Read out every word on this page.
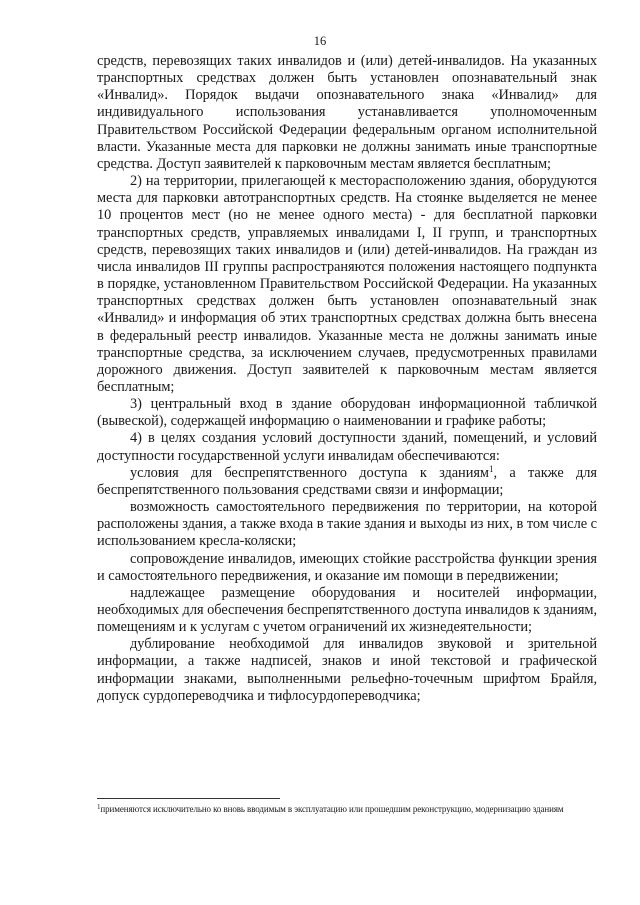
16

средств, перевозящих таких инвалидов и (или) детей-инвалидов. На указанных транспортных средствах должен быть установлен опознавательный знак «Инвалид». Порядок выдачи опознавательного знака «Инвалид» для индивидуального использования устанавливается уполномоченным Правительством Российской Федерации федеральным органом исполнительной власти. Указанные места для парковки не должны занимать иные транспортные средства. Доступ заявителей к парковочным местам является бесплатным;

2) на территории, прилегающей к месторасположению здания, оборудуются места для парковки автотранспортных средств. На стоянке выделяется не менее 10 процентов мест (но не менее одного места) - для бесплатной парковки транспортных средств, управляемых инвалидами I, II групп, и транспортных средств, перевозящих таких инвалидов и (или) детей-инвалидов. На граждан из числа инвалидов III группы распространяются положения настоящего подпункта в порядке, установленном Правительством Российской Федерации. На указанных транспортных средствах должен быть установлен опознавательный знак «Инвалид» и информация об этих транспортных средствах должна быть внесена в федеральный реестр инвалидов. Указанные места не должны занимать иные транспортные средства, за исключением случаев, предусмотренных правилами дорожного движения. Доступ заявителей к парковочным местам является бесплатным;

3) центральный вход в здание оборудован информационной табличкой (вывеской), содержащей информацию о наименовании и графике работы;

4) в целях создания условий доступности зданий, помещений, и условий доступности государственной услуги инвалидам обеспечиваются:

условия для беспрепятственного доступа к зданиям$^1$, а также для беспрепятственного пользования средствами связи и информации;

возможность самостоятельного передвижения по территории, на которой расположены здания, а также входа в такие здания и выходы из них, в том числе с использованием кресла-коляски;

сопровождение инвалидов, имеющих стойкие расстройства функции зрения и самостоятельного передвижения, и оказание им помощи в передвижении;

надлежащее размещение оборудования и носителей информации, необходимых для обеспечения беспрепятственного доступа инвалидов к зданиям, помещениям и к услугам с учетом ограничений их жизнедеятельности;

дублирование необходимой для инвалидов звуковой и зрительной информации, а также надписей, знаков и иной текстовой и графической информации знаками, выполненными рельефно-точечным шрифтом Брайля, допуск сурдопереводчика и тифлосурдопереводчика;

$^1$применяются исключительно ко вновь вводимым в эксплуатацию или прошедшим реконструкцию, модернизацию зданиям
